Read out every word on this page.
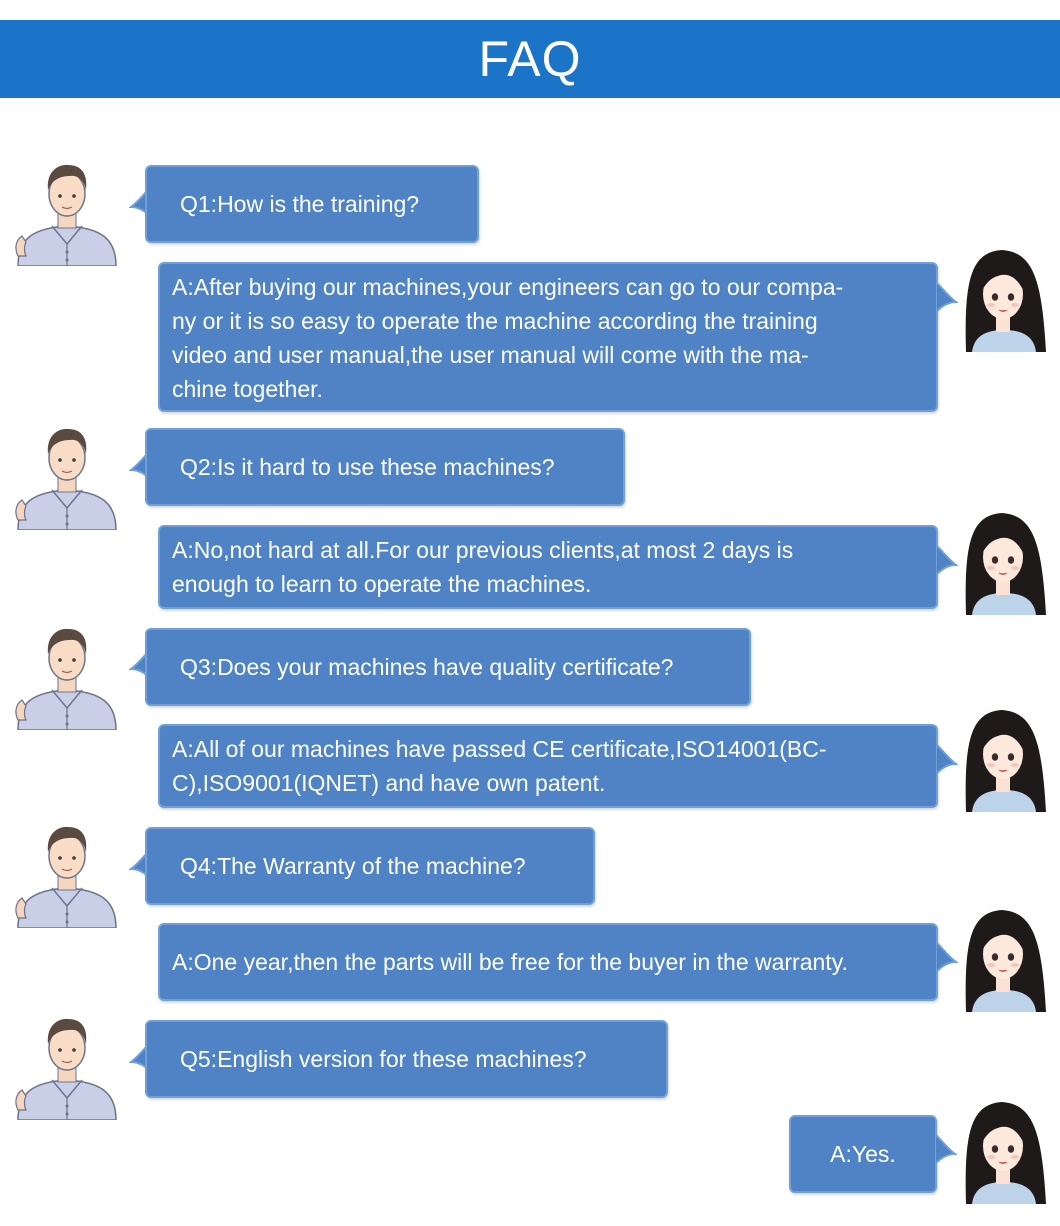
FAQ
Q1:How is the training?
A:After buying our machines,your engineers can go to our compa-
ny or it is so easy to operate the machine according the training
video and user manual,the user manual will come with the ma-
chine together.
Q2:Is it hard to use these machines?
A:No,not hard at all.For our previous clients,at most 2 days is
enough to learn to operate the machines.
Q3:Does your machines have quality certificate?
A:All of our machines have passed CE certificate,ISO14001(BC-
C),ISO9001(IQNET) and have own patent.
Q4:The Warranty of the machine?
A:One year,then the parts will be free for the buyer in the warranty.
Q5:English version for these machines?
A:Yes.
